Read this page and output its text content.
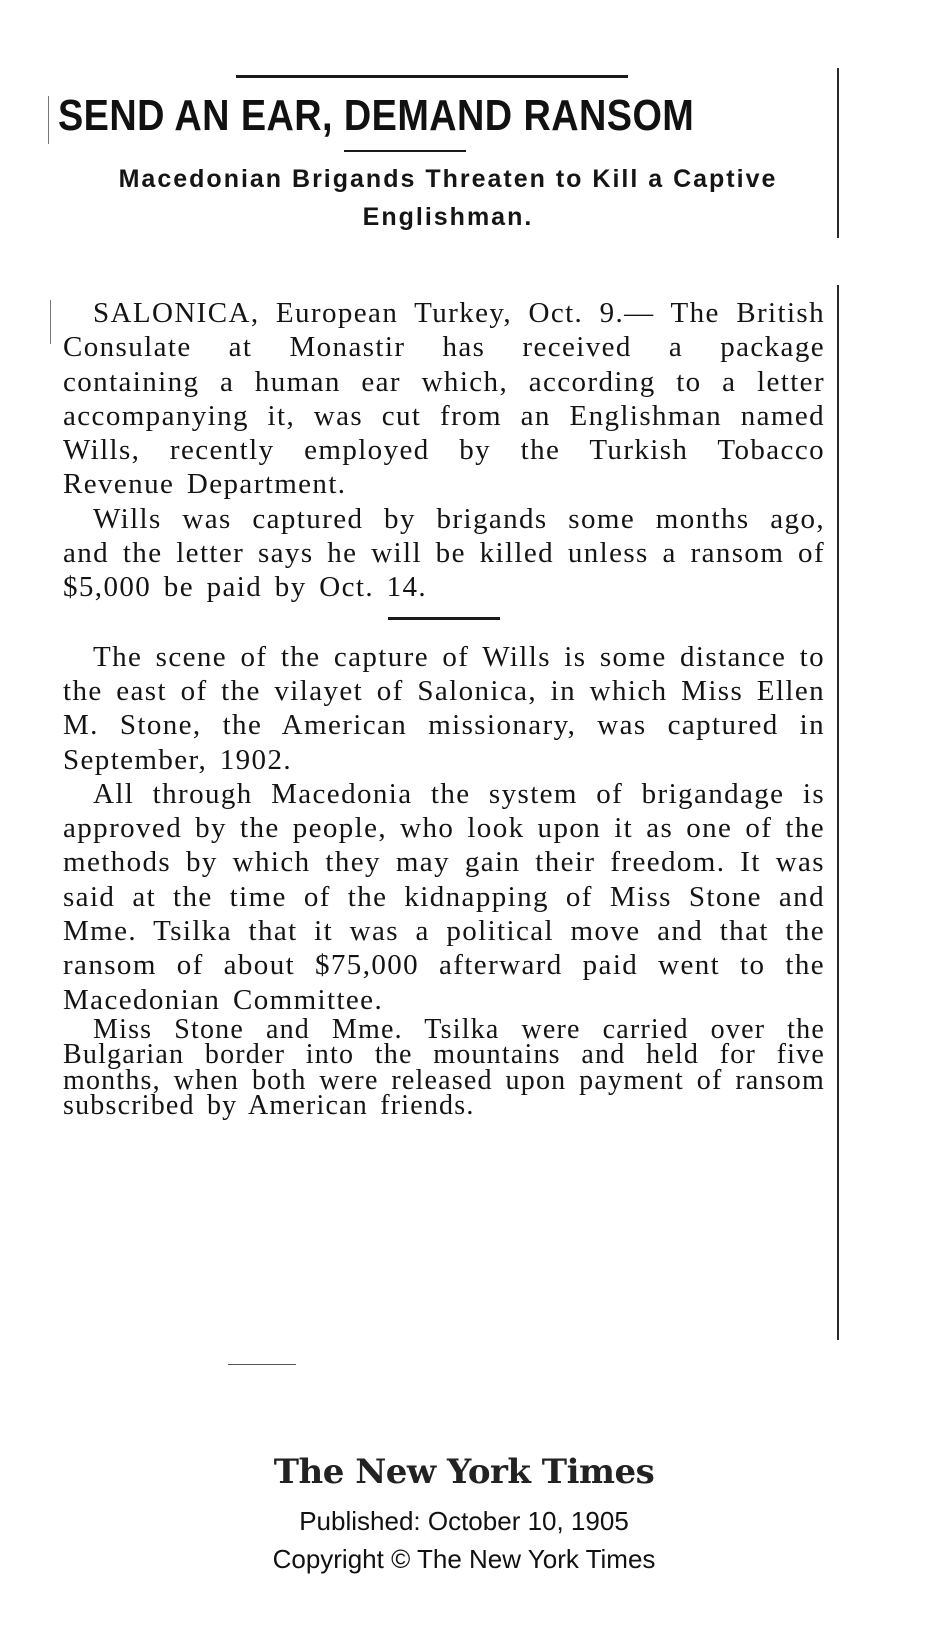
SEND AN EAR, DEMAND RANSOM
Macedonian Brigands Threaten to Kill a Captive Englishman.

SALONICA, European Turkey, Oct. 9.— The British Consulate at Monastir has received a package containing a human ear which, according to a letter accompanying it, was cut from an Englishman named Wills, recently employed by the Turkish Tobacco Revenue Department.

Wills was captured by brigands some months ago, and the letter says he will be killed unless a ransom of $5,000 be paid by Oct. 14.

The scene of the capture of Wills is some distance to the east of the vilayet of Salonica, in which Miss Ellen M. Stone, the American missionary, was captured in September, 1902.

All through Macedonia the system of brigandage is approved by the people, who look upon it as one of the methods by which they may gain their freedom. It was said at the time of the kidnapping of Miss Stone and Mme. Tsilka that it was a political move and that the ransom of about $75,000 afterward paid went to the Macedonian Committee.

Miss Stone and Mme. Tsilka were carried over the Bulgarian border into the mountains and held for five months, when both were released upon payment of ransom subscribed by American friends.

The New York Times
Published: October 10, 1905
Copyright © The New York Times
